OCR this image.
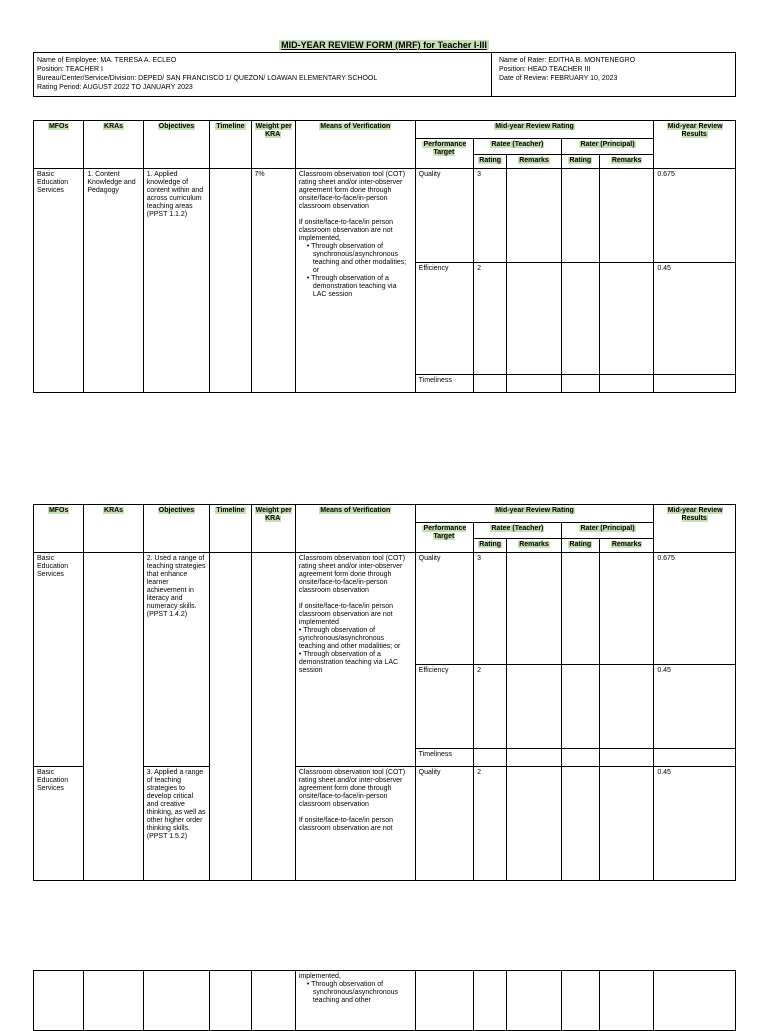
MID-YEAR REVIEW FORM (MRF) for Teacher I-III
Name of Employee: MA. TERESA A. ECLEO
Position: TEACHER I
Bureau/Center/Service/Division: DEPED/ SAN FRANCISCO 1/ QUEZON/ LOAWAN ELEMENTARY SCHOOL
Rating Period: AUGUST 2022 TO JANUARY 2023
Name of Rater: EDITHA B. MONTENEGRO
Position: HEAD TEACHER III
Date of Review: FEBRUARY 10, 2023
MFOs	KRAs	Objectives	Timeline	Weight per KRA	Means of Verification	Mid-year Review Rating					Mid-year Review Results
						Performance Target	Ratee (Teacher)		Rater (Principal)		
							Rating	Remarks	Rating	Remarks	
Basic Education Services	1. Content Knowledge and Pedagogy	1. Applied knowledge of content within and across curriculum teaching areas (PPST 1.1.2)		7%	Classroom observation tool (COT) rating sheet and/or inter-observer agreement form done through onsite/face-to-face/in-person classroom observation
If onsite/face-to-face/in person classroom observation are not implemented,
• Through observation of synchronous/asynchronous teaching and other modalities; or
• Through observation of a demonstration teaching via LAC session	Quality	3				0.675
						Efficiency	2				0.45
						Timeliness					
MFOs	KRAs	Objectives	Timeline	Weight per KRA	Means of Verification	Mid-year Review Rating					Mid-year Review Results
						Performance Target	Ratee (Teacher)		Rater (Principal)		
							Rating	Remarks	Rating	Remarks	
Basic Education Services		2. Used a range of teaching strategies that enhance learner achievement in literacy and numeracy skills. (PPST 1.4.2)			Classroom observation tool (COT) rating sheet and/or inter-observer agreement form done through onsite/face-to-face/in-person classroom observation
If onsite/face-to-face/in person classroom observation are not implemented
• Through observation of synchronous/asynchronous teaching and other modalities; or
• Through observation of a demonstration teaching via LAC session	Quality	3				0.675
						Efficiency	2				0.45
						Timeliness					
Basic Education Services		3. Applied a range of teaching strategies to develop critical and creative thinking, as well as other higher order thinking skills. (PPST 1.5.2)			Classroom observation tool (COT) rating sheet and/or inter-observer agreement form done through onsite/face-to-face/in-person classroom observation
If onsite/face-to-face/in person classroom observation are not	Quality	2				0.45

implemented,
• Through observation of synchronous/asynchronous teaching and other
